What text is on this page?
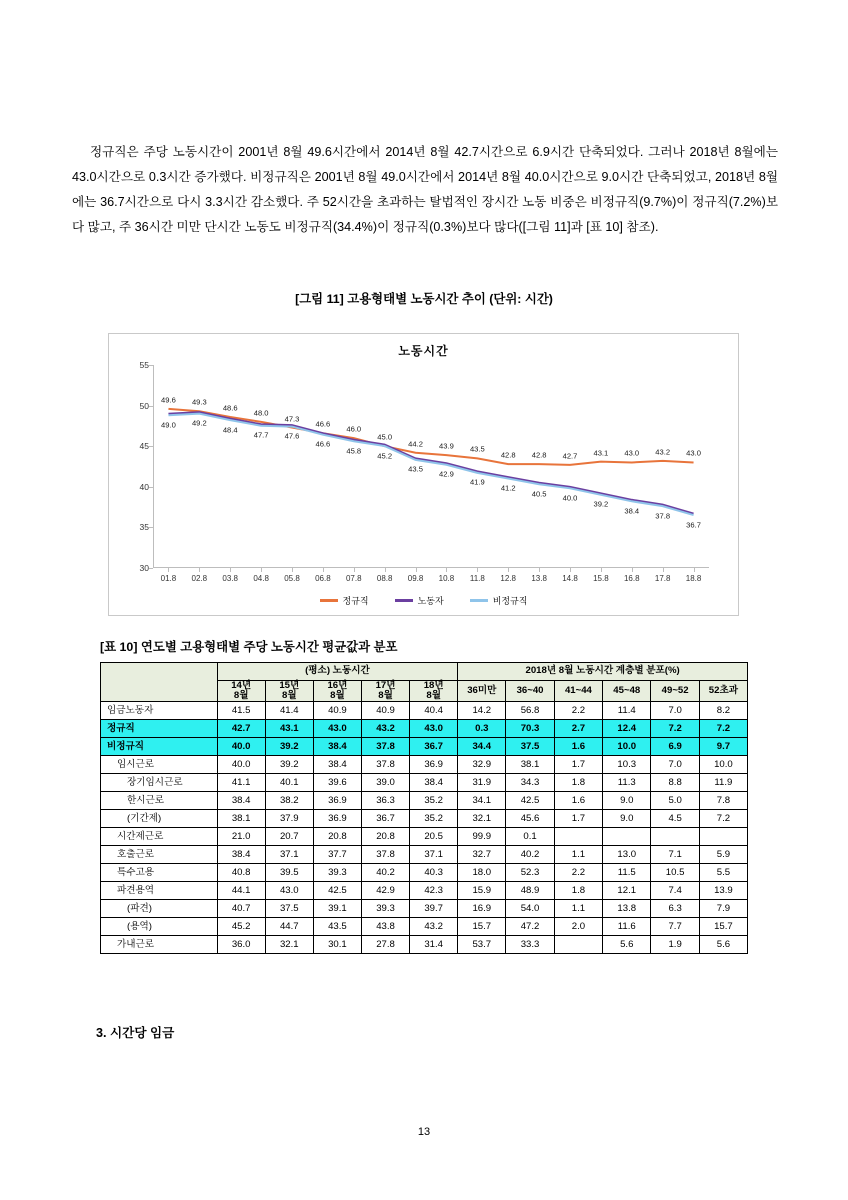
정규직은 주당 노동시간이 2001년 8월 49.6시간에서 2014년 8월 42.7시간으로 6.9시간 단축되었다. 그러나 2018년 8월에는 43.0시간으로 0.3시간 증가했다. 비정규직은 2001년 8월 49.0시간에서 2014년 8월 40.0시간으로 9.0시간 단축되었고, 2018년 8월에는 36.7시간으로 다시 3.3시간 감소했다. 주 52시간을 초과하는 탈법적인 장시간 노동 비중은 비정규직(9.7%)이 정규직(7.2%)보다 많고, 주 36시간 미만 단시간 노동도 비정규직(34.4%)이 정규직(0.3%)보다 많다([그림 11]과 [표 10] 참조).

[그림 11] 고용형태별 노동시간 추이 (단위: 시간)
노동시간
30
35
40
45
50
55
01.8 02.8 03.8 04.8 05.8 06.8 07.8 08.8 09.8 10.8 11.8 12.8 13.8 14.8 15.8 16.8 17.8 18.8
49.6 49.3
48.6
48.0
47.3
46.6
46.0
45.0
44.2 43.9 43.5
42.8 42.8 42.7 43.1 43.0 43.2 43.0
49.0 49.2
48.4
47.7 47.6
46.6
45.8
45.2
43.5
42.9
41.9
41.2
40.5 40.0
39.2
38.4
37.8
36.7
정규직	노동자	비정규직
[표 10] 연도별 고용형태별 주당 노동시간 평균값과 분포
	(평소) 노동시간					2018년 8월 노동시간 계층별 분포(%)					
	14년
8월	15년
8월	16년
8월	17년
8월	18년
8월	36미만	36~40	41~44	45~48	49~52	52초과
임금노동자	41.5	41.4	40.9	40.9	40.4	14.2	56.8	2.2	11.4	7.0	8.2
정규직	42.7	43.1	43.0	43.2	43.0	0.3	70.3	2.7	12.4	7.2	7.2
비정규직	40.0	39.2	38.4	37.8	36.7	34.4	37.5	1.6	10.0	6.9	9.7
임시근로	40.0	39.2	38.4	37.8	36.9	32.9	38.1	1.7	10.3	7.0	10.0
장기임시근로	41.1	40.1	39.6	39.0	38.4	31.9	34.3	1.8	11.3	8.8	11.9
한시근로	38.4	38.2	36.9	36.3	35.2	34.1	42.5	1.6	9.0	5.0	7.8
(기간제)	38.1	37.9	36.9	36.7	35.2	32.1	45.6	1.7	9.0	4.5	7.2
시간제근로	21.0	20.7	20.8	20.8	20.5	99.9	0.1				
호출근로	38.4	37.1	37.7	37.8	37.1	32.7	40.2	1.1	13.0	7.1	5.9
특수고용	40.8	39.5	39.3	40.2	40.3	18.0	52.3	2.2	11.5	10.5	5.5
파견용역	44.1	43.0	42.5	42.9	42.3	15.9	48.9	1.8	12.1	7.4	13.9
(파견)	40.7	37.5	39.1	39.3	39.7	16.9	54.0	1.1	13.8	6.3	7.9
(용역)	45.2	44.7	43.5	43.8	43.2	15.7	47.2	2.0	11.6	7.7	15.7
가내근로	36.0	32.1	30.1	27.8	31.4	53.7	33.3		5.6	1.9	5.6
3. 시간당 임금
13
